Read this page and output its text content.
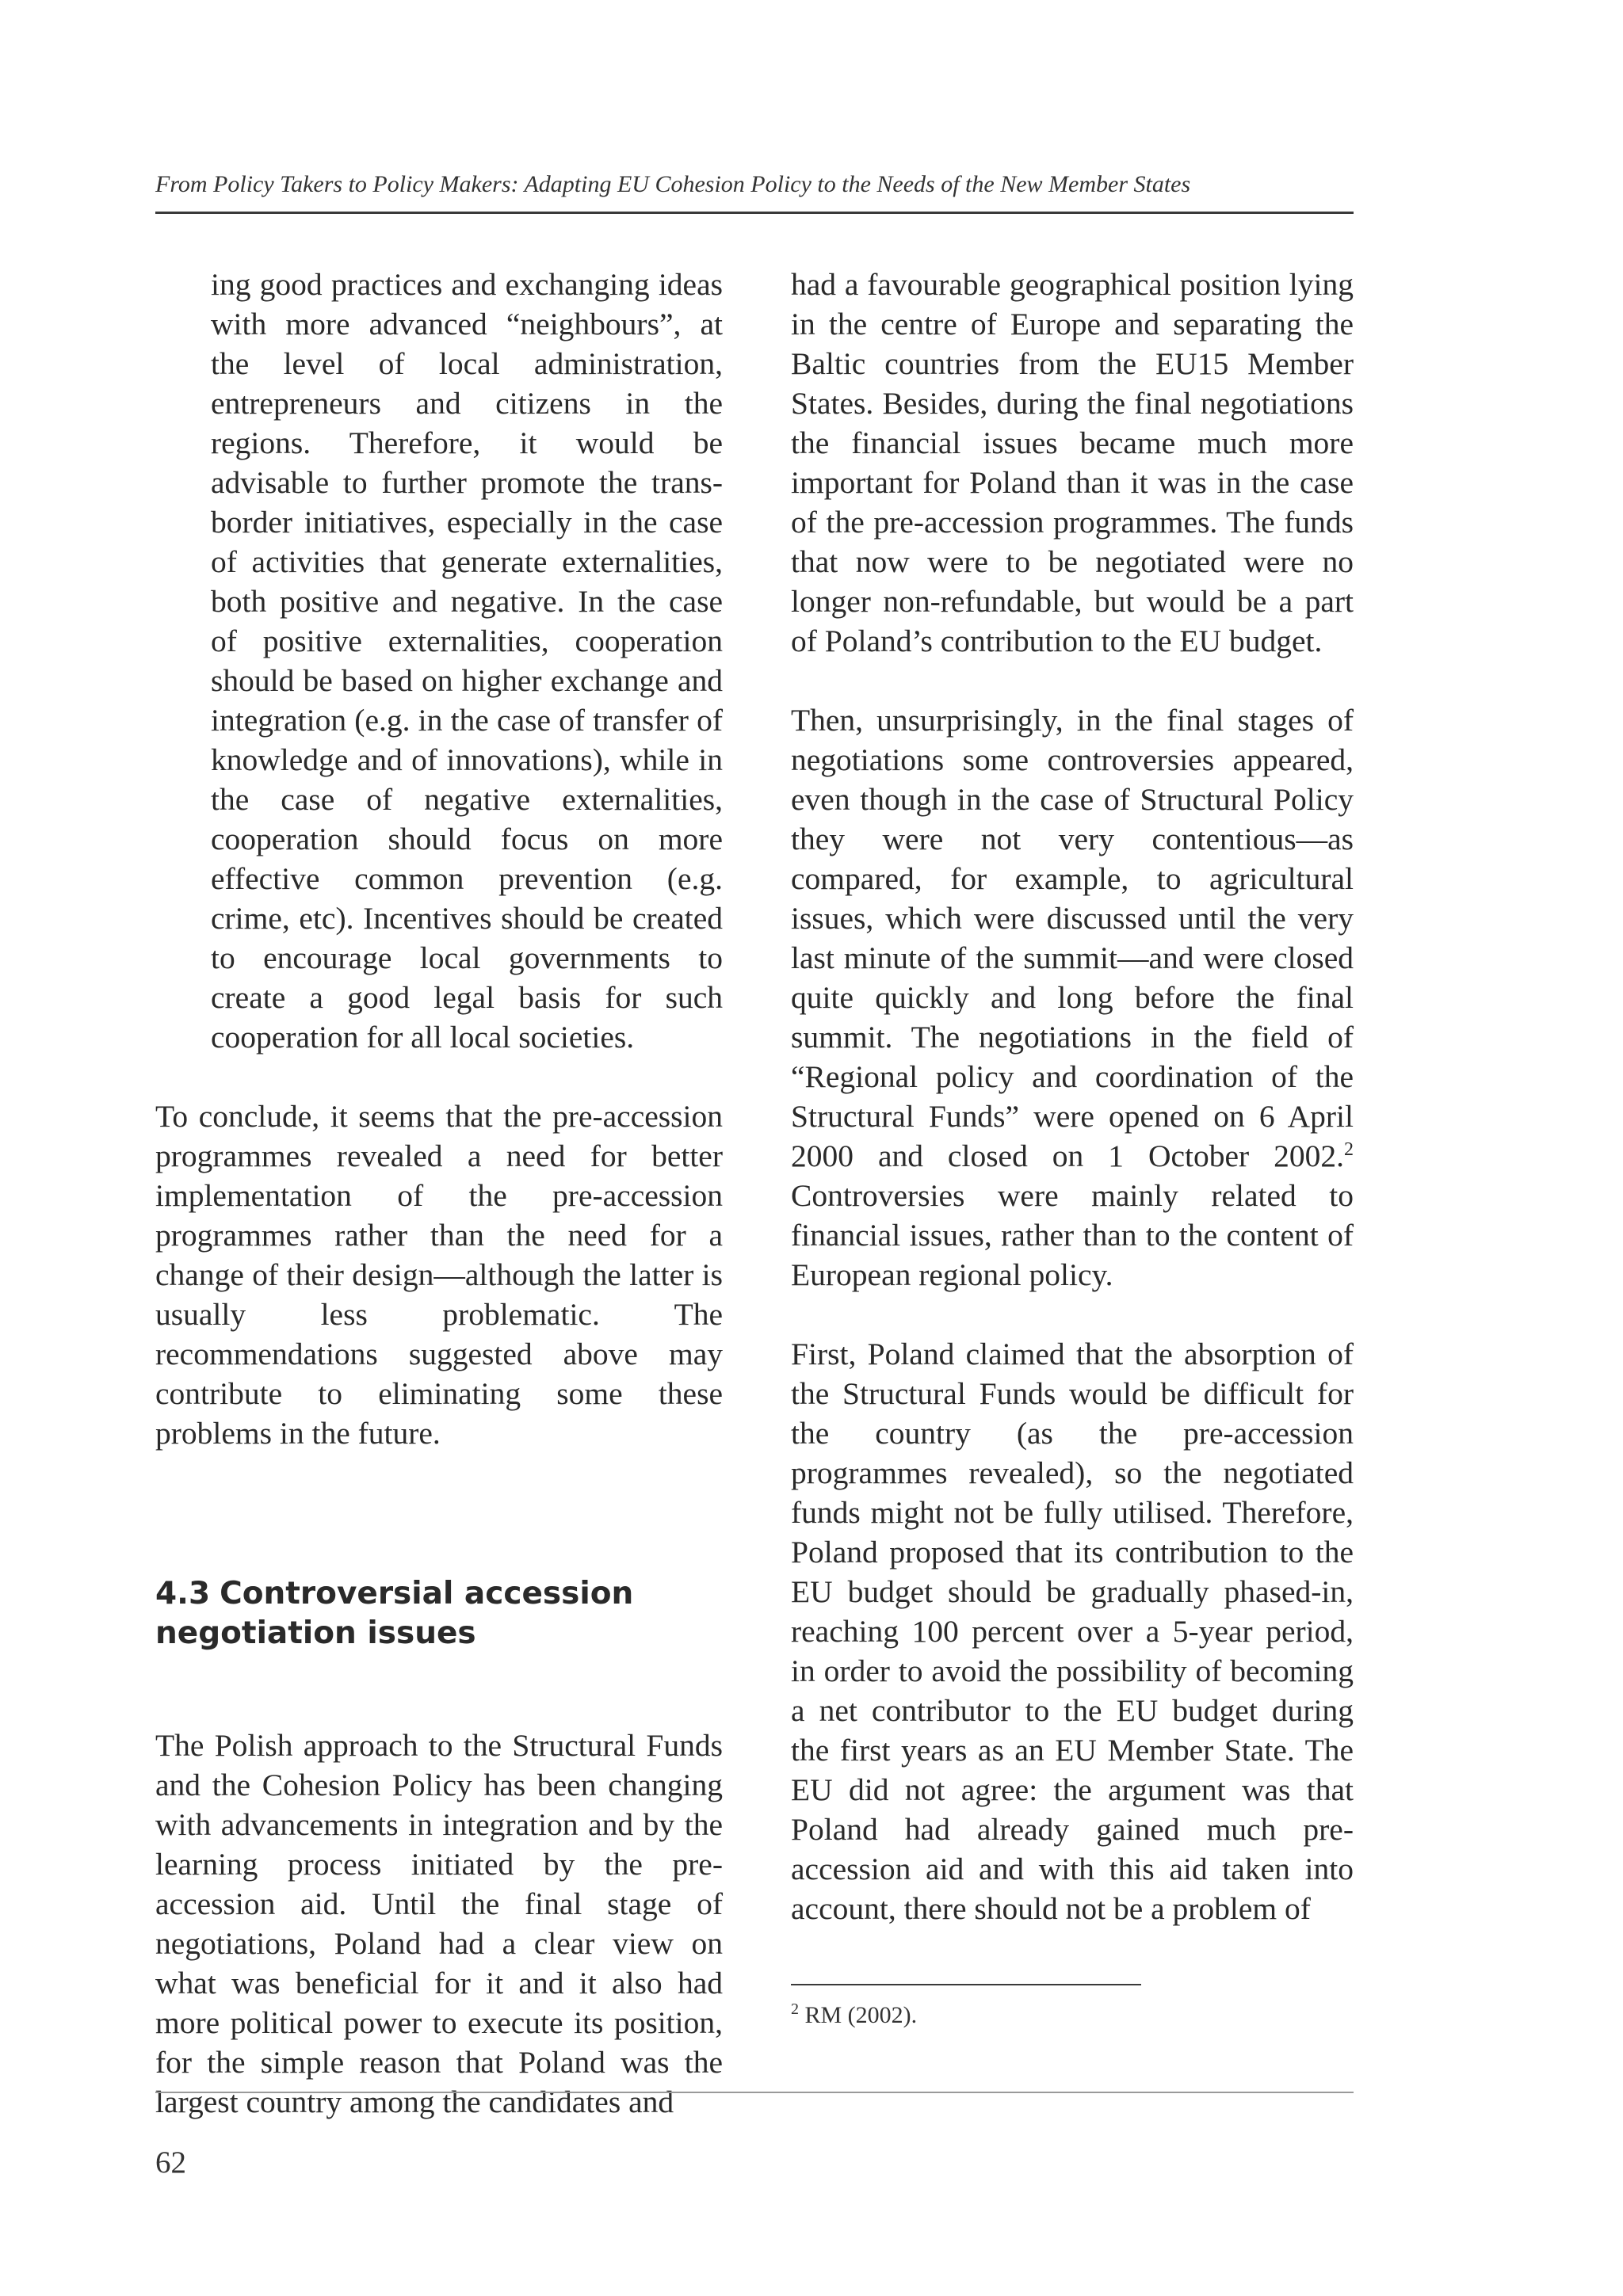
From Policy Takers to Policy Makers: Adapting EU Cohesion Policy to the Needs of the New Member States

ing good practices and exchanging ideas with more advanced “neighbours”, at the level of local administration, entrepreneurs and citizens in the regions. Therefore, it would be advisable to further promote the trans-border initiatives, especially in the case of activities that generate externalities, both positive and negative. In the case of positive externalities, cooperation should be based on higher exchange and integration (e.g. in the case of transfer of knowledge and of innovations), while in the case of negative externalities, cooperation should focus on more effective common prevention (e.g. crime, etc). Incentives should be created to encourage local governments to create a good legal basis for such cooperation for all local societies.

To conclude, it seems that the pre-accession programmes revealed a need for better implementation of the pre-accession programmes rather than the need for a change of their design—although the latter is usually less problematic. The recommendations suggested above may contribute to eliminating some these problems in the future.

4.3 Controversial accession negotiation issues

The Polish approach to the Structural Funds and the Cohesion Policy has been changing with advancements in integration and by the learning process initiated by the pre-accession aid. Until the final stage of negotiations, Poland had a clear view on what was beneficial for it and it also had more political power to execute its position, for the simple reason that Poland was the largest country among the candidates and

had a favourable geographical position lying in the centre of Europe and separating the Baltic countries from the EU15 Member States. Besides, during the final negotiations the financial issues became much more important for Poland than it was in the case of the pre-accession programmes. The funds that now were to be negotiated were no longer non-refundable, but would be a part of Poland’s contribution to the EU budget.

Then, unsurprisingly, in the final stages of negotiations some controversies appeared, even though in the case of Structural Policy they were not very contentious—as compared, for example, to agricultural issues, which were discussed until the very last minute of the summit—and were closed quite quickly and long before the final summit. The negotiations in the field of “Regional policy and coordination of the Structural Funds” were opened on 6 April 2000 and closed on 1 October 2002.$^2$ Controversies were mainly related to financial issues, rather than to the content of European regional policy.

First, Poland claimed that the absorption of the Structural Funds would be difficult for the country (as the pre-accession programmes revealed), so the negotiated funds might not be fully utilised. Therefore, Poland proposed that its contribution to the EU budget should be gradually phased-in, reaching 100 percent over a 5-year period, in order to avoid the possibility of becoming a net contributor to the EU budget during the first years as an EU Member State. The EU did not agree: the argument was that Poland had already gained much pre-accession aid and with this aid taken into account, there should not be a problem of

$^2$ RM (2002).
62
